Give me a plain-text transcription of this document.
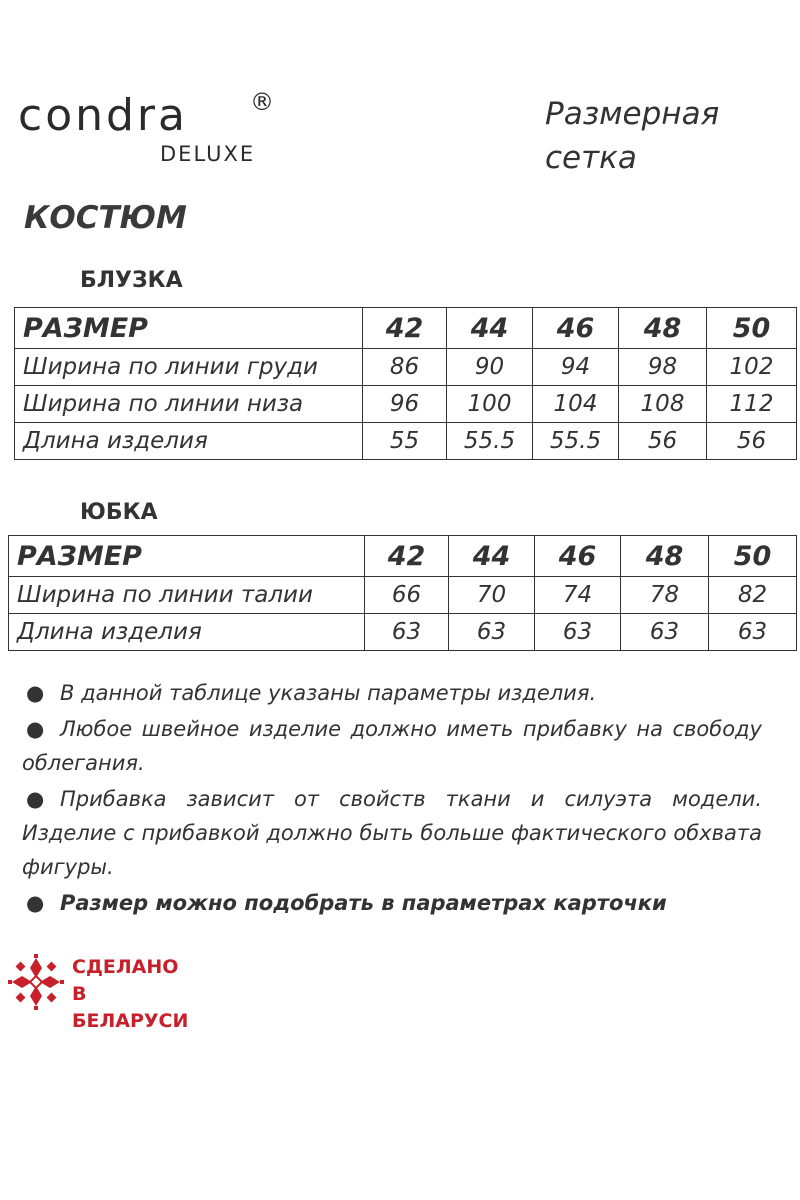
condra	®
DELUXE
Размерная
сетка
КОСТЮМ
БЛУЗКА
РАЗМЕР	42	44	46	48	50
Ширина по линии груди	86	90	94	98	102
Ширина по линии низа	96	100	104	108	112
Длина изделия	55	55.5	55.5	56	56
ЮБКА
РАЗМЕР	42	44	46	48	50
Ширина по линии талии	66	70	74	78	82
Длина изделия	63	63	63	63	63

● В данной таблице указаны параметры изделия.

● Любое швейное изделие должно иметь прибавку на свободу облегания.

● Прибавка зависит от свойств ткани и силуэта модели. Изделие с прибавкой должно быть больше фактического обхвата фигуры.

● Размер можно подобрать в параметрах карточки

СДЕЛАНО
В БЕЛАРУСИ
